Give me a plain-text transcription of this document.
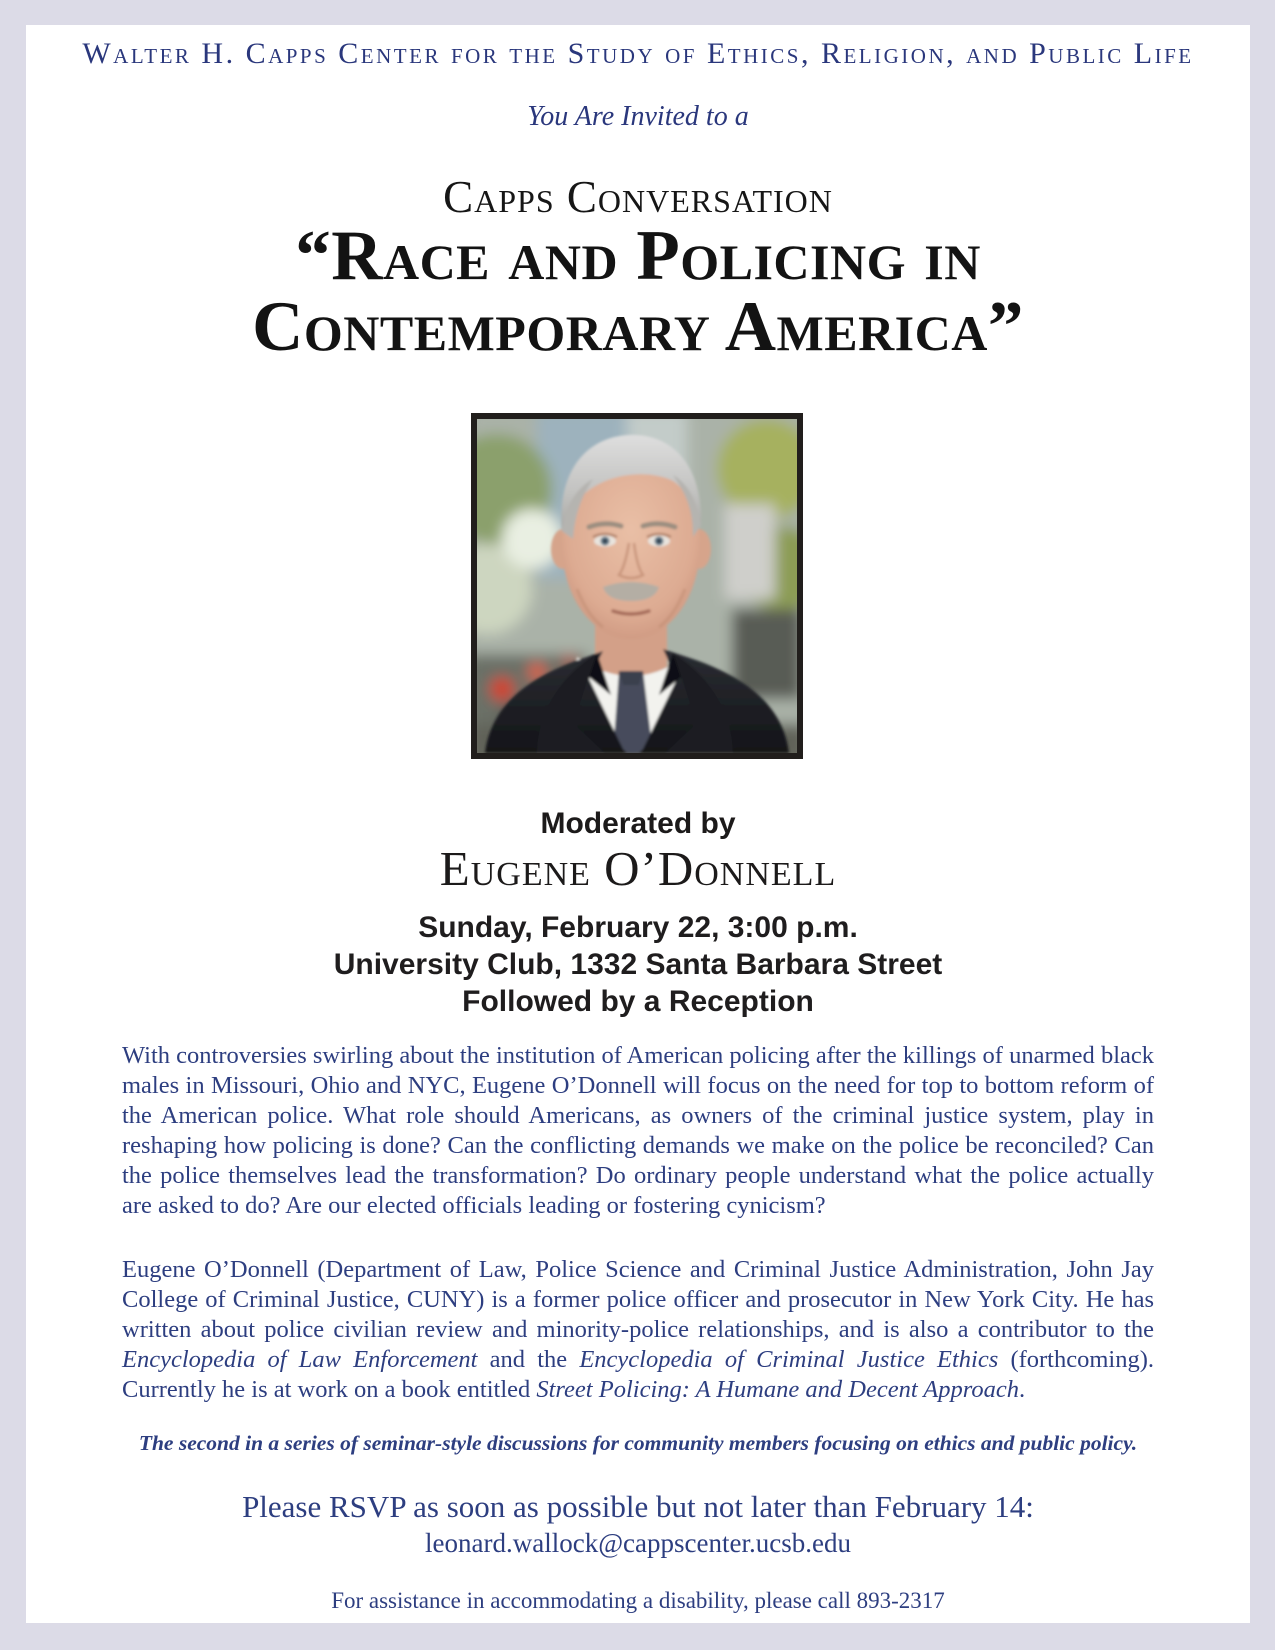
Walter H. Capps Center for the Study of Ethics, Religion, and Public Life
You Are Invited to a
Capps Conversation
“Race and Policing in
Contemporary America”
Moderated by
Eugene O’Donnell
Sunday, February 22, 3:00 p.m.
University Club, 1332 Santa Barbara Street
Followed by a Reception

With controversies swirling about the institution of American policing after the killings of unarmed black males in Missouri, Ohio and NYC, Eugene O’Donnell will focus on the need for top to bottom reform of the American police. What role should Americans, as owners of the criminal justice system, play in reshaping how policing is done? Can the conflicting demands we make on the police be reconciled? Can the police themselves lead the transformation? Do ordinary people understand what the police actually are asked to do? Are our elected officials leading or fostering cynicism?

Eugene O’Donnell (Department of Law, Police Science and Criminal Justice Administration, John Jay College of Criminal Justice, CUNY) is a former police officer and prosecutor in New York City. He has written about police civilian review and minority-police relationships, and is also a contributor to the Encyclopedia of Law Enforcement and the Encyclopedia of Criminal Justice Ethics (forthcoming). Currently he is at work on a book entitled Street Policing: A Humane and Decent Approach.

The second in a series of seminar-style discussions for community members focusing on ethics and public policy.
Please RSVP as soon as possible but not later than February 14:
leonard.wallock@cappscenter.ucsb.edu
For assistance in accommodating a disability, please call 893-2317
